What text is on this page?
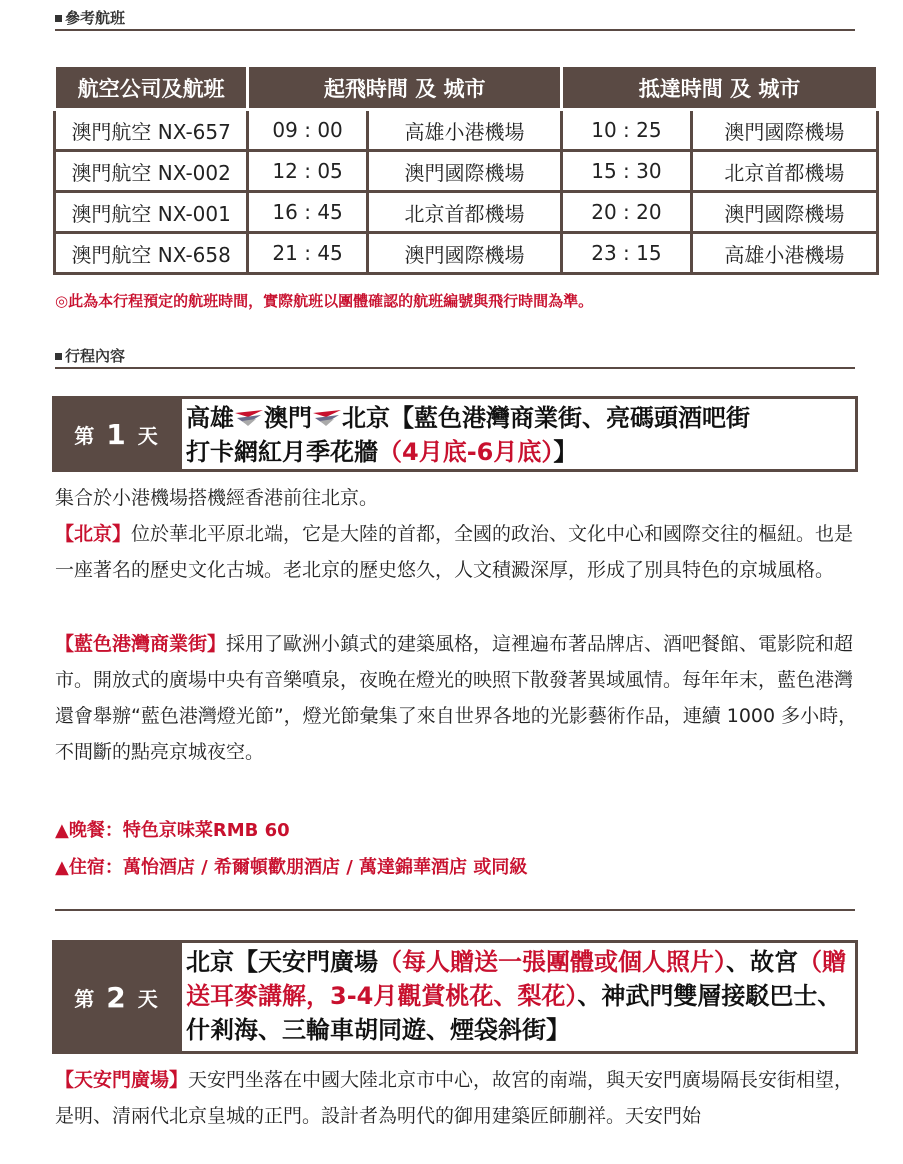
參考航班
航空公司及航班	起飛時間 及 城市		抵達時間 及 城市	
澳門航空 NX-657	09 : 00	高雄小港機場	10 : 25	澳門國際機場
澳門航空 NX-002	12 : 05	澳門國際機場	15 : 30	北京首都機場
澳門航空 NX-001	16 : 45	北京首都機場	20 : 20	澳門國際機場
澳門航空 NX-658	21 : 45	澳門國際機場	23 : 15	高雄小港機場
◎此為本行程預定的航班時間，實際航班以團體確認的航班編號與飛行時間為準。
行程內容
第 1 天
高雄 澳門 北京【藍色港灣商業街、亮碼頭酒吧街
打卡網紅月季花牆（4月底-6月底）】
集合於小港機場搭機經香港前往北京。
【北京】位於華北平原北端，它是大陸的首都，全國的政治、文化中心和國際交往的樞紐。也是一座著名的歷史文化古城。老北京的歷史悠久，人文積澱深厚，形成了別具特色的京城風格。
【藍色港灣商業街】採用了歐洲小鎮式的建築風格，這裡遍布著品牌店、酒吧餐館、電影院和超市。開放式的廣場中央有音樂噴泉，夜晚在燈光的映照下散發著異域風情。每年年末，藍色港灣還會舉辦“藍色港灣燈光節”，燈光節彙集了來自世界各地的光影藝術作品，連續 1000 多小時，不間斷的點亮京城夜空。
▲晚餐：特色京味菜RMB 60
▲住宿：萬怡酒店 / 希爾頓歡朋酒店 / 萬達錦華酒店 或同級
第 2 天
北京【天安門廣場（每人贈送一張團體或個人照片）、故宮（贈送耳麥講解，3-4月觀賞桃花、梨花）、神武門雙層接駁巴士、什剎海、三輪車胡同遊、煙袋斜街】
【天安門廣場】天安門坐落在中國大陸北京市中心，故宮的南端，與天安門廣場隔長安街相望，是明、清兩代北京皇城的正門。設計者為明代的御用建築匠師蒯祥。天安門始
